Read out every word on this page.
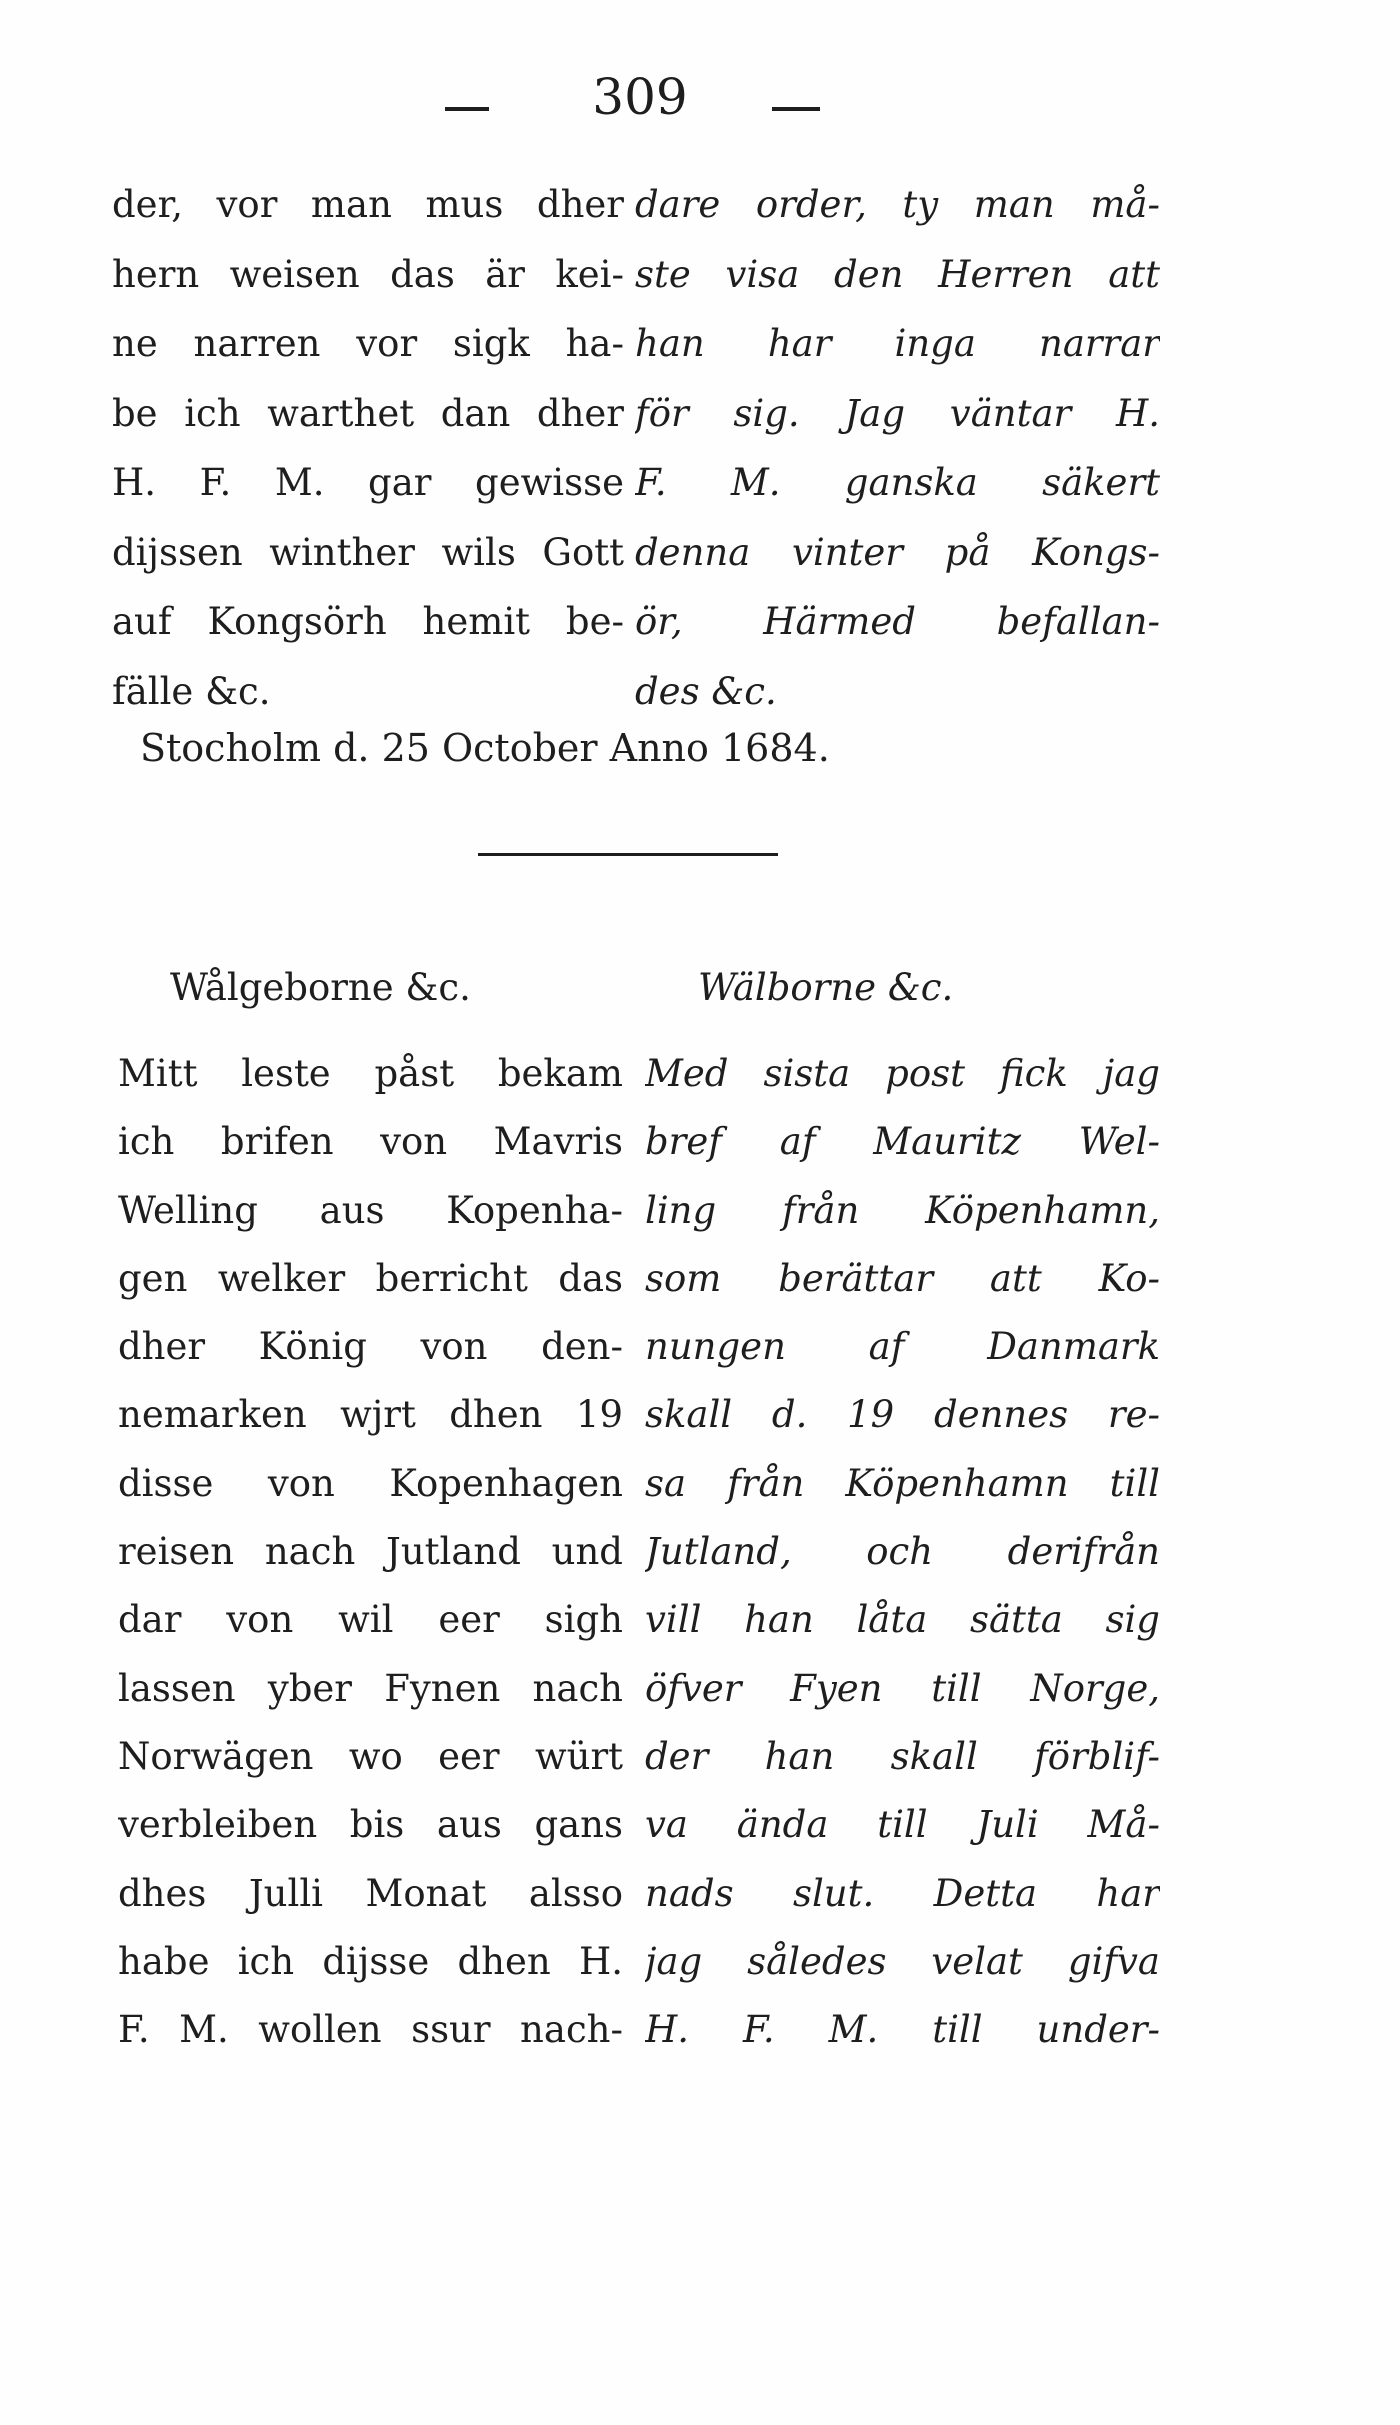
309
der, vor man mus dher
hern weisen das är kei-
ne narren vor sigk ha-
be ich warthet dan dher
H. F. M. gar gewisse
dijssen winther wils Gott
auf Kongsörh hemit be-
fälle &c.
dare order, ty man må-
ste visa den Herren att
han har inga narrar
för sig. Jag väntar H.
F. M. ganska säkert
denna vinter på Kongs-
ör, Härmed befallan-
des &c.
Stocholm d. 25 October Anno 1684.
Wålgeborne &c.	Wälborne &c.
Mitt leste påst bekam
ich brifen von Mavris
Welling aus Kopenha-
gen welker berricht das
dher König von den-
nemarken wjrt dhen 19
disse von Kopenhagen
reisen nach Jutland und
dar von wil eer sigh
lassen yber Fynen nach
Norwägen wo eer würt
verbleiben bis aus gans
dhes Julli Monat alsso
habe ich dijsse dhen H.
F. M. wollen ssur nach-
Med sista post fick jag
bref af Mauritz Wel-
ling från Köpenhamn,
som berättar att Ko-
nungen af Danmark
skall d. 19 dennes re-
sa från Köpenhamn till
Jutland, och derifrån
vill han låta sätta sig
öfver Fyen till Norge,
der han skall förblif-
va ända till Juli Må-
nads slut. Detta har
jag således velat gifva
H. F. M. till under-
